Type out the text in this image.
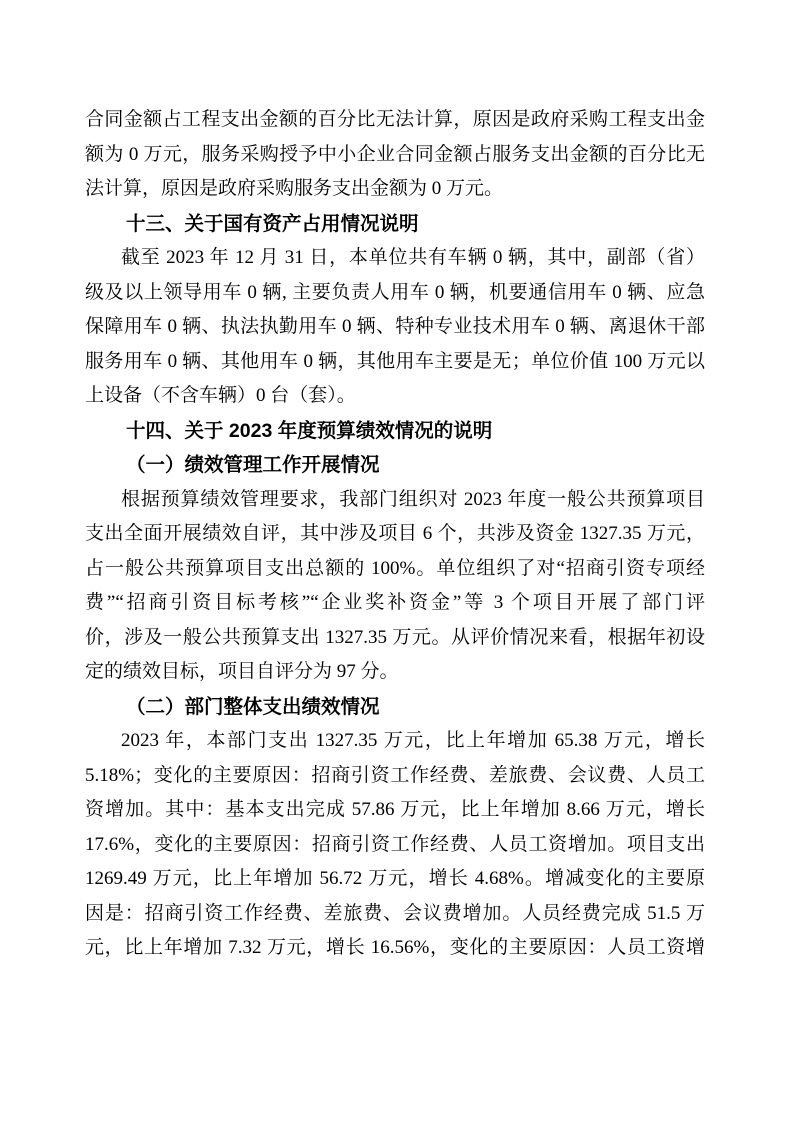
合同金额占工程支出金额的百分比无法计算，原因是政府采购工程支出金
额为 0 万元，服务采购授予中小企业合同金额占服务支出金额的百分比无
法计算，原因是政府采购服务支出金额为 0 万元。
十三、关于国有资产占用情况说明
截至 2023 年 12 月 31 日，本单位共有车辆 0 辆，其中，副部（省）
级及以上领导用车 0 辆, 主要负责人用车 0 辆，机要通信用车 0 辆、应急
保障用车 0 辆、执法执勤用车 0 辆、特种专业技术用车 0 辆、离退休干部
服务用车 0 辆、其他用车 0 辆，其他用车主要是无；单位价值 100 万元以
上设备（不含车辆）0 台（套）。
十四、关于 2023 年度预算绩效情况的说明
（一）绩效管理工作开展情况
根据预算绩效管理要求，我部门组织对 2023 年度一般公共预算项目
支出全面开展绩效自评，其中涉及项目 6 个，共涉及资金 1327.35 万元，
占一般公共预算项目支出总额的 100%。单位组织了对“招商引资专项经
费”“招商引资目标考核”“企业奖补资金”等 3 个项目开展了部门评
价，涉及一般公共预算支出 1327.35 万元。从评价情况来看，根据年初设
定的绩效目标，项目自评分为 97 分。
（二）部门整体支出绩效情况
2023 年，本部门支出 1327.35 万元，比上年增加 65.38 万元，增长
5.18%；变化的主要原因：招商引资工作经费、差旅费、会议费、人员工
资增加。其中：基本支出完成 57.86 万元，比上年增加 8.66 万元，增长
17.6%，变化的主要原因：招商引资工作经费、人员工资增加。项目支出
1269.49 万元，比上年增加 56.72 万元，增长 4.68%。增减变化的主要原
因是：招商引资工作经费、差旅费、会议费增加。人员经费完成 51.5 万
元，比上年增加 7.32 万元，增长 16.56%，变化的主要原因：人员工资增
